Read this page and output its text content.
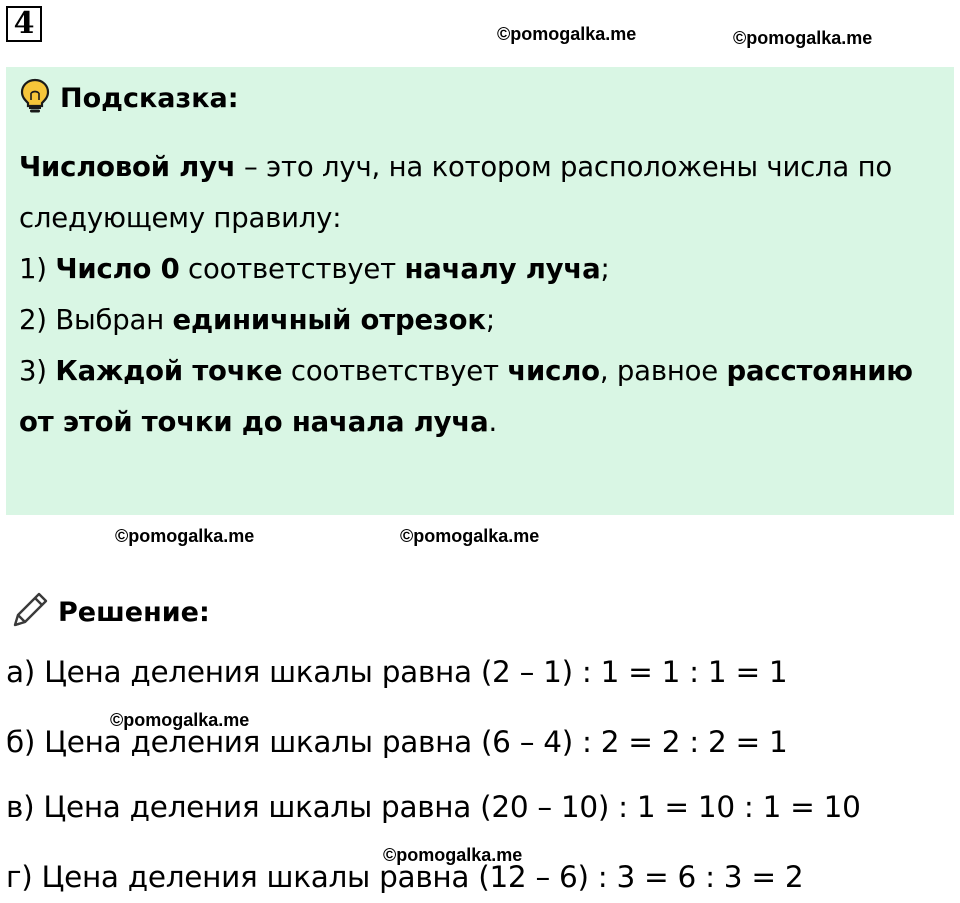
4	©pomogalka.me	©pomogalka.me
Подсказка:

Числовой луч – это луч, на котором расположены числа по

следующему правилу:

1) Число 0 соответствует началу луча;

2) Выбран единичный отрезок;

3) Каждой точке соответствует число, равное расстоянию

от этой точки до начала луча.

©pomogalka.me	©pomogalka.me
Решение:
а) Цена деления шкалы равна (2 – 1) : 1 = 1 : 1 = 1
б) Цена деления шкалы равна (6 – 4) : 2 = 2 : 2 = 1
в) Цена деления шкалы равна (20 – 10) : 1 = 10 : 1 = 10
г) Цена деления шкалы равна (12 – 6) : 3 = 6 : 3 = 2
©pomogalka.me
©pomogalka.me
